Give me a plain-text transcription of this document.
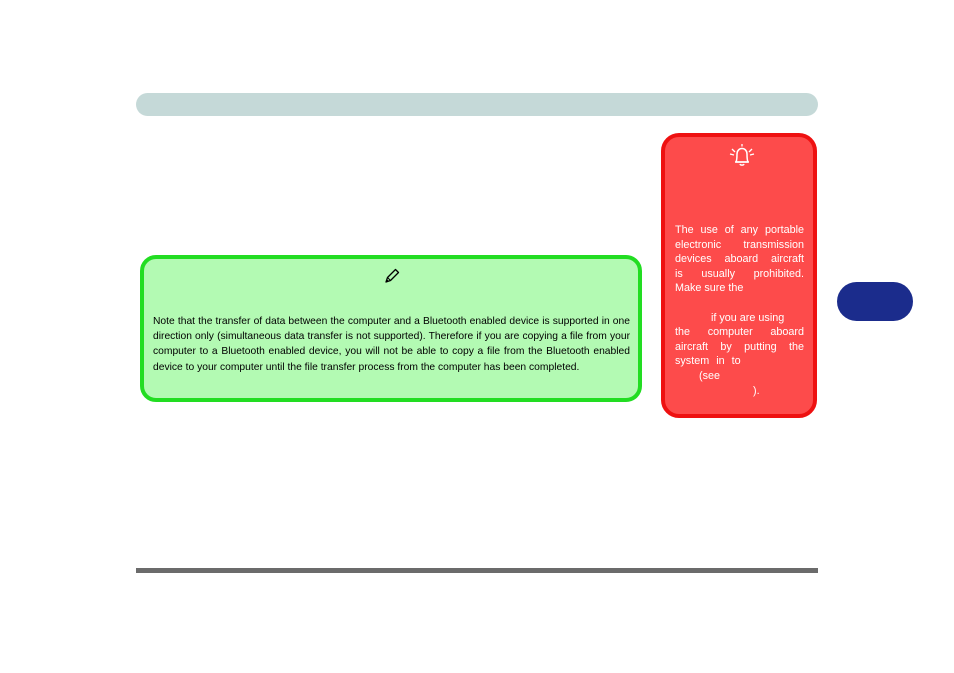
Note that the transfer of data between the computer and a Bluetooth enabled device is supported in one direction only (simultaneous data transfer is not supported). Therefore if you are copying a file from your computer to a Bluetooth enabled device, you will not be able to copy a file from the Bluetooth enabled device to your computer until the file transfer process from the computer has been completed.

The use of any portable
electronic transmission
devices aboard aircraft
is usually prohibited.
Make sure the

if you are using
the computer aboard
aircraft by putting the
system in to
(see
).
